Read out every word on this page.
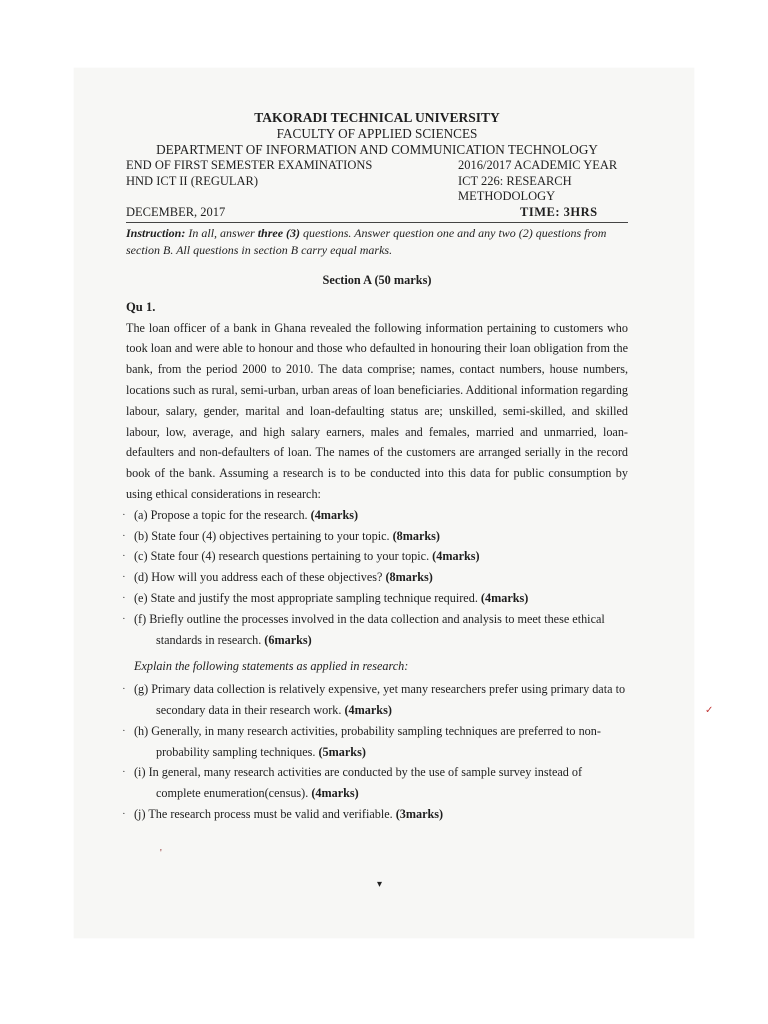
TAKORADI TECHNICAL UNIVERSITY

FACULTY OF APPLIED SCIENCES

DEPARTMENT OF INFORMATION AND COMMUNICATION TECHNOLOGY

END OF FIRST SEMESTER EXAMINATIONS	2016/2017 ACADEMIC YEAR
HND ICT II (REGULAR)	ICT 226: RESEARCH METHODOLOGY
DECEMBER, 2017	TIME: 3HRS

Instruction: In all, answer three (3) questions. Answer question one and any two (2) questions from section B. All questions in section B carry equal marks.

Section A (50 marks)

Qu 1.

The loan officer of a bank in Ghana revealed the following information pertaining to customers who took loan and were able to honour and those who defaulted in honouring their loan obligation from the bank, from the period 2000 to 2010. The data comprise; names, contact numbers, house numbers, locations such as rural, semi-urban, urban areas of loan beneficiaries. Additional information regarding labour, salary, gender, marital and loan-defaulting status are; unskilled, semi-skilled, and skilled labour, low, average, and high salary earners, males and females, married and unmarried, loan-defaulters and non-defaulters of loan. The names of the customers are arranged serially in the record book of the bank. Assuming a research is to be conducted into this data for public consumption by using ethical considerations in research:

· (a) Propose a topic for the research. (4marks)

· (b) State four (4) objectives pertaining to your topic. (8marks)

· (c) State four (4) research questions pertaining to your topic. (4marks)

· (d) How will you address each of these objectives? (8marks)

· (e) State and justify the most appropriate sampling technique required. (4marks)

· (f) Briefly outline the processes involved in the data collection and analysis to meet these ethical standards in research. (6marks)

Explain the following statements as applied in research:

· (g) Primary data collection is relatively expensive, yet many researchers prefer using primary data to secondary data in their research work. (4marks)

· (h) Generally, in many research activities, probability sampling techniques are preferred to non-probability sampling techniques. (5marks)

· (i) In general, many research activities are conducted by the use of sample survey instead of complete enumeration(census). (4marks)

· (j) The research process must be valid and verifiable. (3marks)

✓
'
▾
